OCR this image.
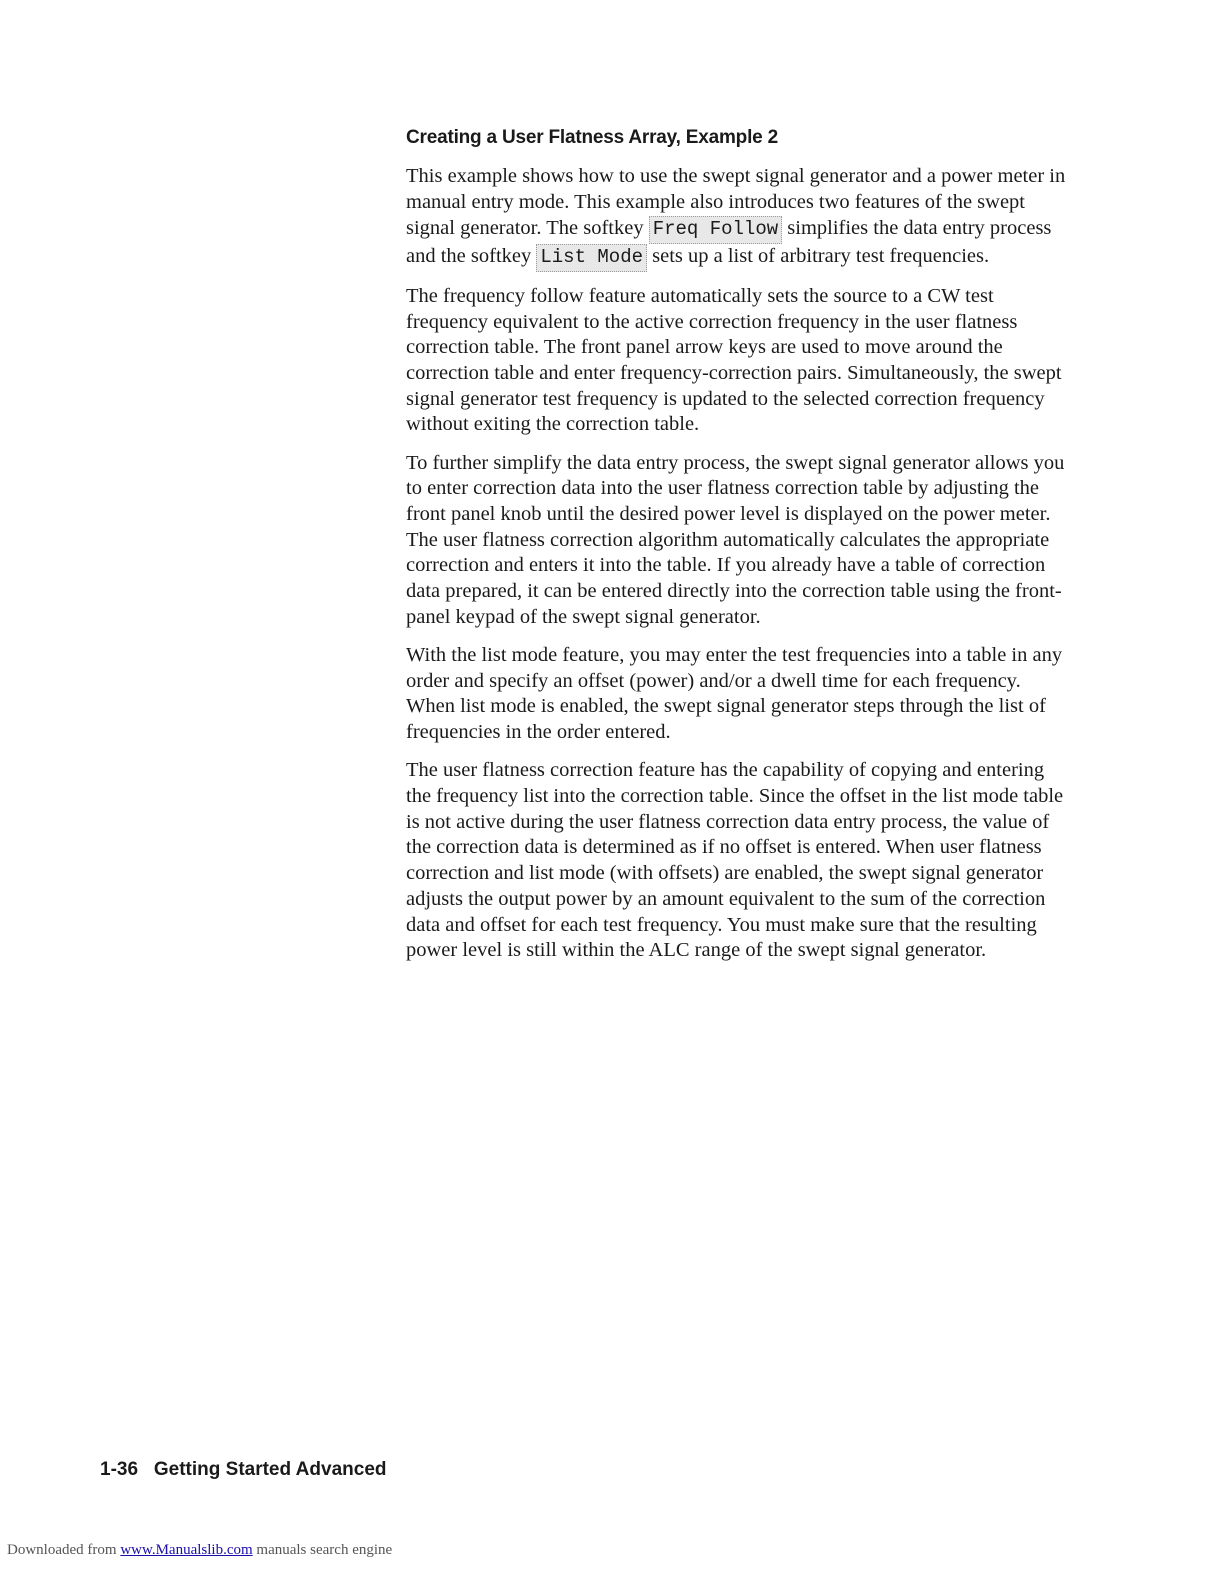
Creating a User Flatness Array, Example 2

This example shows how to use the swept signal generator and a power meter in manual entry mode. This example also introduces two features of the swept signal generator. The softkey Freq Follow simplifies the data entry process and the softkey List Mode sets up a list of arbitrary test frequencies.

The frequency follow feature automatically sets the source to a CW test frequency equivalent to the active correction frequency in the user flatness correction table. The front panel arrow keys are used to move around the correction table and enter frequency-correction pairs. Simultaneously, the swept signal generator test frequency is updated to the selected correction frequency without exiting the correction table.

To further simplify the data entry process, the swept signal generator allows you to enter correction data into the user flatness correction table by adjusting the front panel knob until the desired power level is displayed on the power meter. The user flatness correction algorithm automatically calculates the appropriate correction and enters it into the table. If you already have a table of correction data prepared, it can be entered directly into the correction table using the front-panel keypad of the swept signal generator.

With the list mode feature, you may enter the test frequencies into a table in any order and specify an offset (power) and/or a dwell time for each frequency. When list mode is enabled, the swept signal generator steps through the list of frequencies in the order entered.

The user flatness correction feature has the capability of copying and entering the frequency list into the correction table. Since the offset in the list mode table is not active during the user flatness correction data entry process, the value of the correction data is determined as if no offset is entered. When user flatness correction and list mode (with offsets) are enabled, the swept signal generator adjusts the output power by an amount equivalent to the sum of the correction data and offset for each test frequency. You must make sure that the resulting power level is still within the ALC range of the swept signal generator.

1-36 Getting Started Advanced
Downloaded from www.Manualslib.com manuals search engine
